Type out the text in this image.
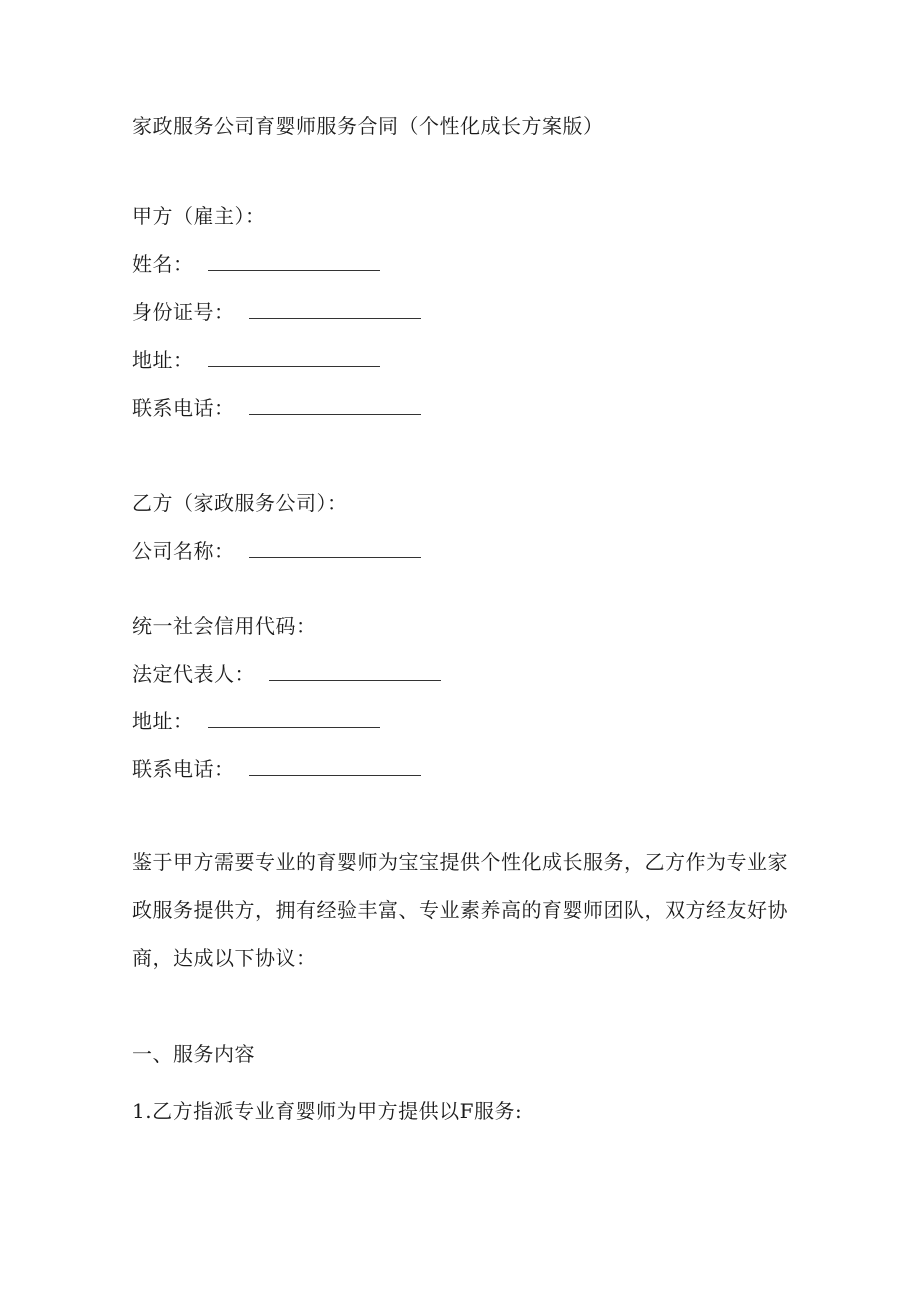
家政服务公司育婴师服务合同（个性化成长方案版）
甲方（雇主）：
姓名：
身份证号：
地址：
联系电话：
乙方（家政服务公司）：
公司名称：
统一社会信用代码：
法定代表人：
地址：
联系电话：
鉴于甲方需要专业的育婴师为宝宝提供个性化成长服务，乙方作为专业家
政服务提供方，拥有经验丰富、专业素养高的育婴师团队，双方经友好协
商，达成以下协议：
一、服务内容
1.乙方指派专业育婴师为甲方提供以F服务:
